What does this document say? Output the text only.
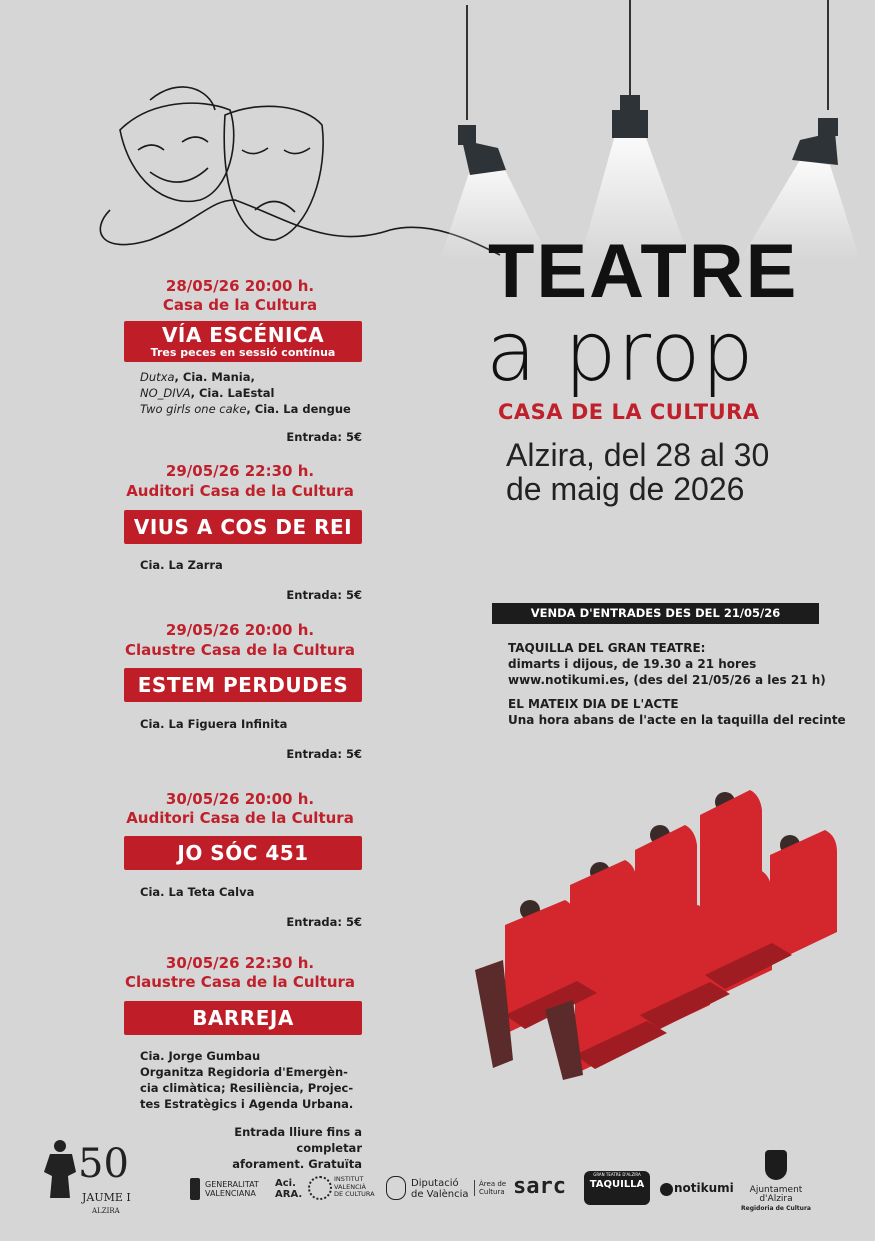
TEATRE
a prop
CASA DE LA CULTURA
Alzira, del 28 al 30
de maig de 2026
28/05/26 20:00 h.
Casa de la Cultura
VÍA ESCÉNICA
Tres peces en sessió contínua
Dutxa, Cia. Mania,
NO_DIVA, Cia. LaEstal
Two girls one cake, Cia. La dengue
Entrada: 5€
29/05/26 22:30 h.
Auditori Casa de la Cultura
VIUS A COS DE REI
Cia. La Zarra
Entrada: 5€
29/05/26 20:00 h.
Claustre Casa de la Cultura
ESTEM PERDUDES
Cia. La Figuera Infinita
Entrada: 5€
30/05/26 20:00 h.
Auditori Casa de la Cultura
JO SÓC 451
Cia. La Teta Calva
Entrada: 5€
30/05/26 22:30 h.
Claustre Casa de la Cultura
BARREJA
Cia. Jorge Gumbau
Organitza Regidoria d'Emergèn-
cia climàtica; Resiliència, Projec-
tes Estratègics i Agenda Urbana.
Entrada lliure fins a completar
aforament. Gratuïta
VENDA D'ENTRADES DES DEL 21/05/26
TAQUILLA DEL GRAN TEATRE:
dimarts i dijous, de 19.30 a 21 hores
www.notikumi.es, (des del 21/05/26 a les 21 h)
EL MATEIX DIA DE L'ACTE
Una hora abans de l'acte en la taquilla del recinte
50
JAUME I
ALZIRA
GENERALITAT
VALENCIANA
Aci.
ARA.
INSTITUT
VALENCIÀ
DE CULTURA
Diputació
de València
Àrea de
Cultura sarc	GRAN TEATRE D'ALZIRA
TAQUILLA	notikumi	Ajuntament d'Alzira
Regidoria de Cultura
